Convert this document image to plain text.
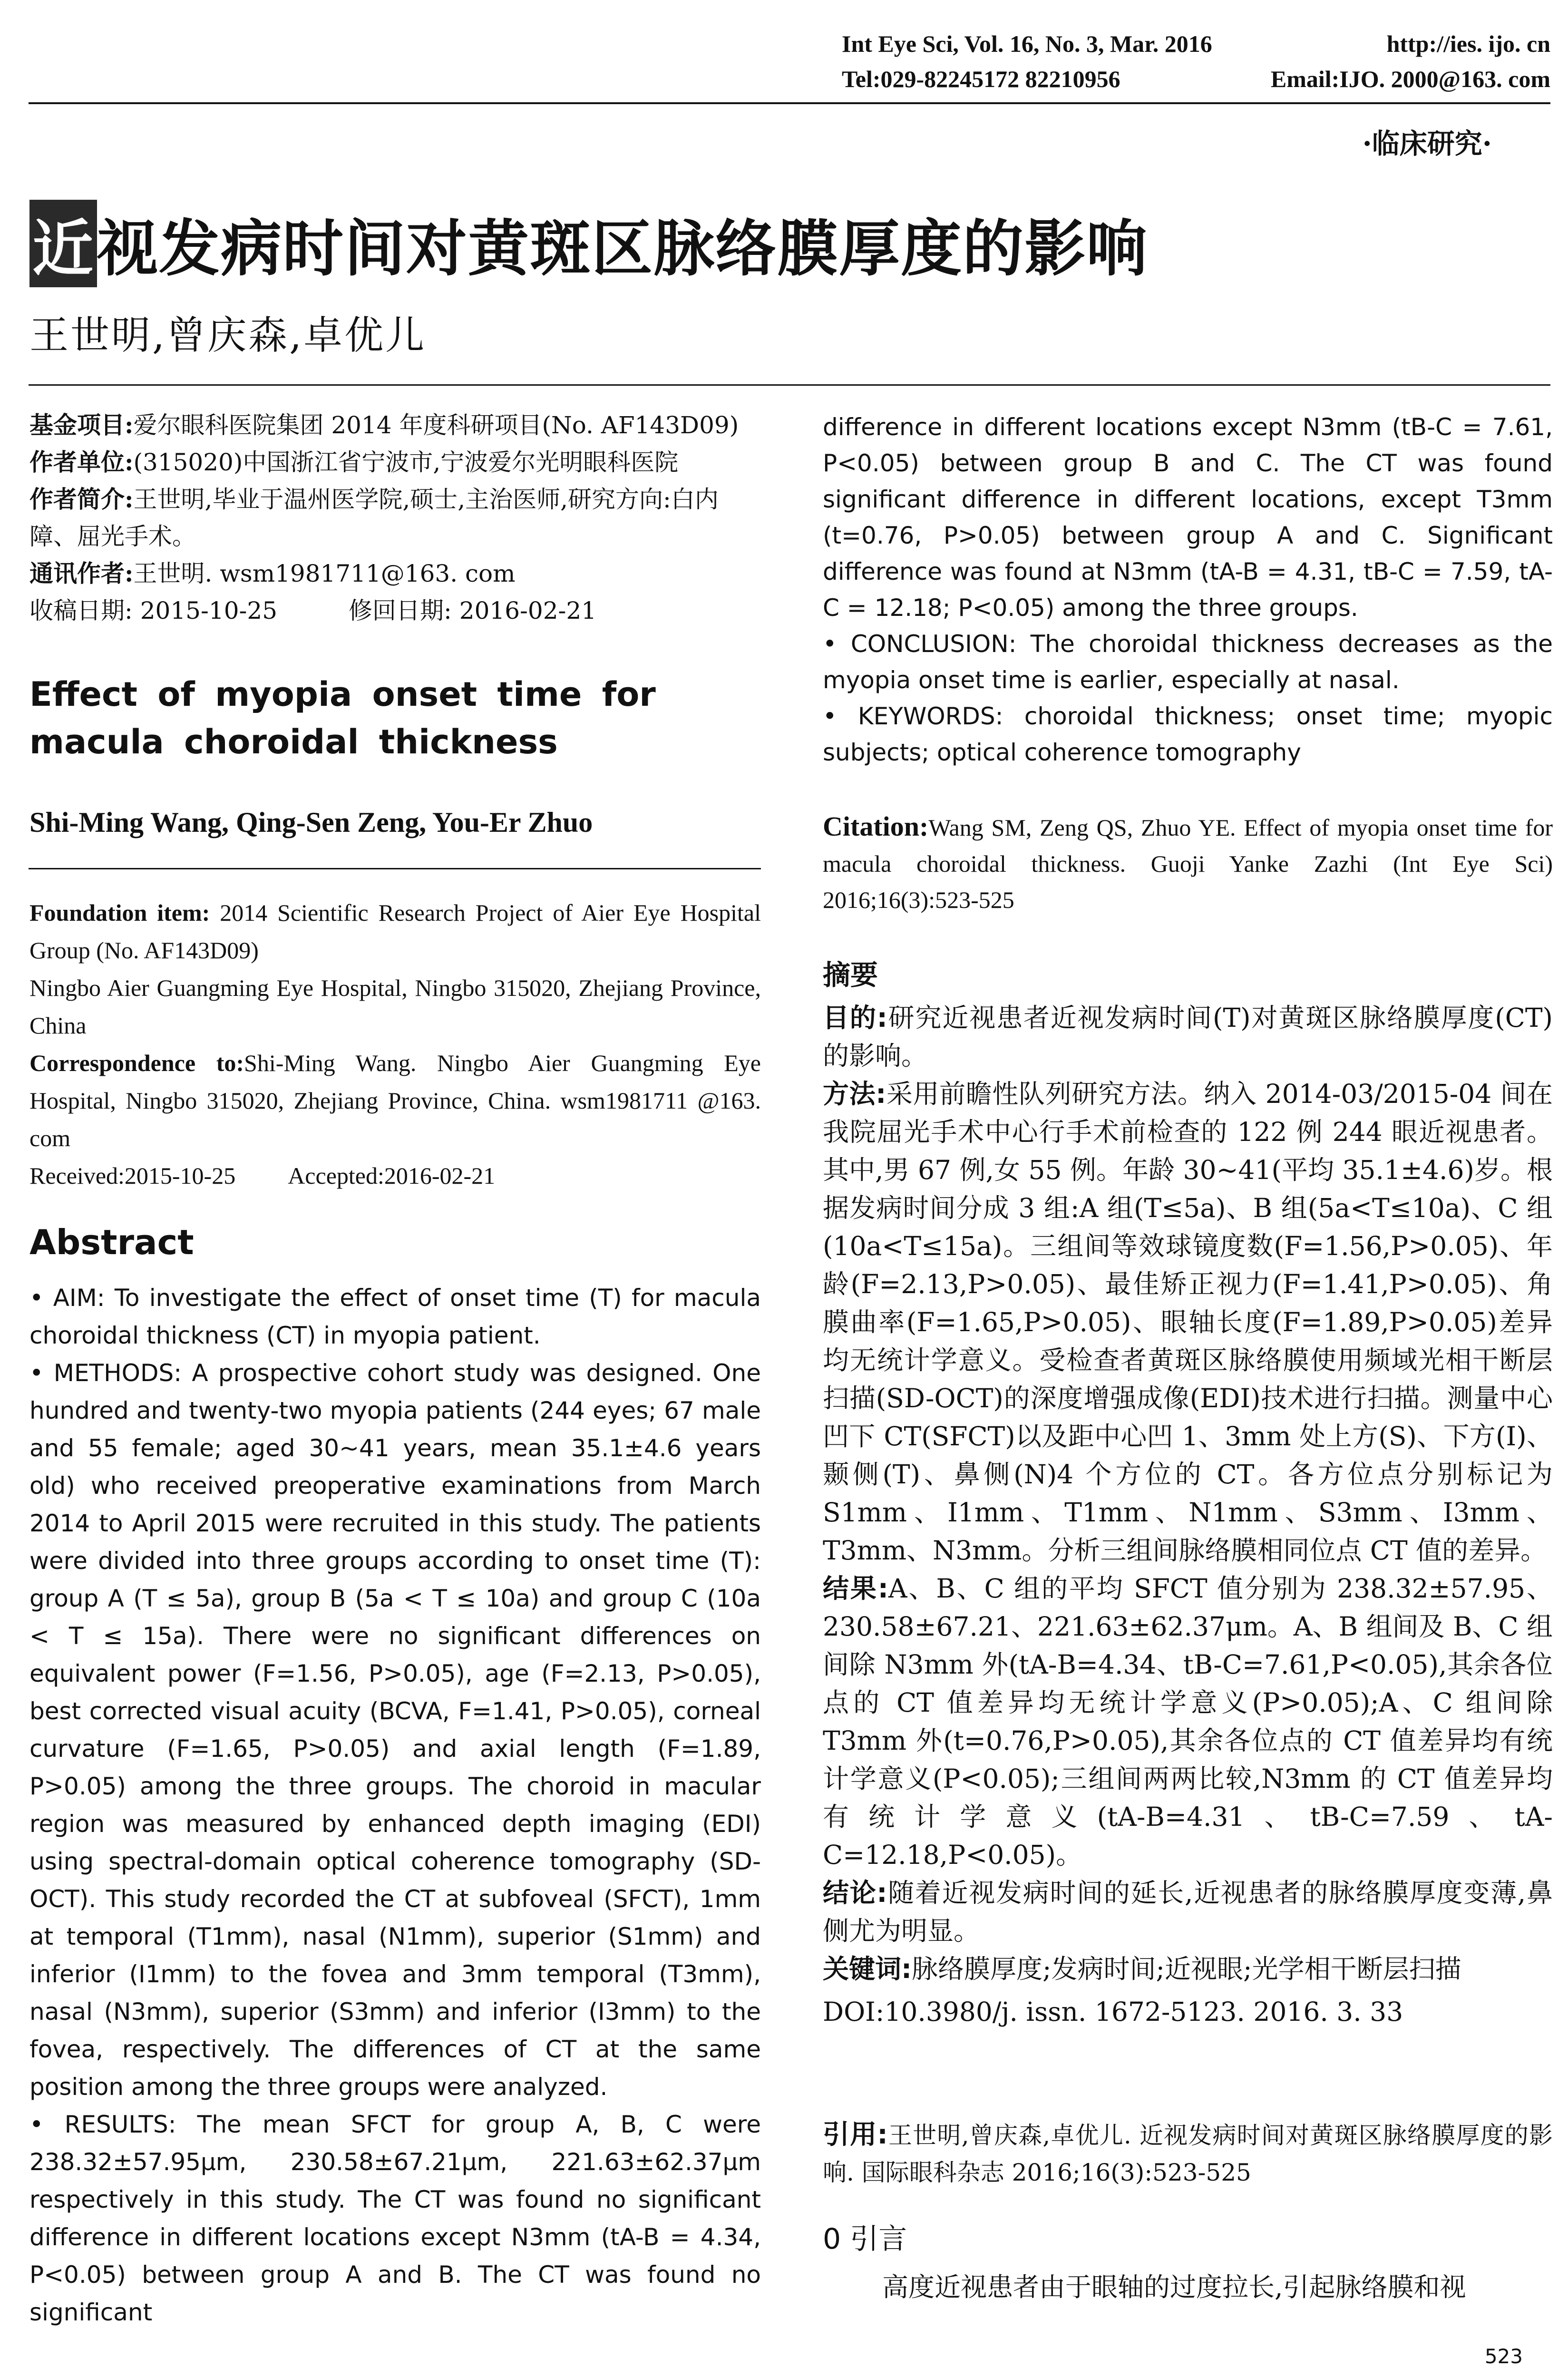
Int Eye Sci, Vol. 16, No. 3, Mar. 2016	http://ies. ijo. cn
Tel:029-82245172 82210956	Email:IJO. 2000@163. com
·临床研究·
近视发病时间对黄斑区脉络膜厚度的影响
王世明,曾庆森,卓优儿
基金项目:爱尔眼科医院集团 2014 年度科研项目(No. AF143D09)
作者单位:(315020)中国浙江省宁波市,宁波爱尔光明眼科医院
作者简介:王世明,毕业于温州医学院,硕士,主治医师,研究方向:白内障、屈光手术。
通讯作者:王世明. wsm1981711@163. com
收稿日期: 2015-10-25	修回日期: 2016-02-21
Effect of myopia onset time for macula choroidal thickness
Shi-Ming Wang, Qing-Sen Zeng, You-Er Zhuo
Foundation item: 2014 Scientific Research Project of Aier Eye Hospital Group (No. AF143D09)
Ningbo Aier Guangming Eye Hospital, Ningbo 315020, Zhejiang Province, China
Correspondence to:Shi-Ming Wang. Ningbo Aier Guangming Eye Hospital, Ningbo 315020, Zhejiang Province, China. wsm1981711 @163. com
Received:2015-10-25 Accepted:2016-02-21
Abstract

• AIM: To investigate the effect of onset time (T) for macula choroidal thickness (CT) in myopia patient.

• METHODS: A prospective cohort study was designed. One hundred and twenty-two myopia patients (244 eyes; 67 male and 55 female; aged 30~41 years, mean 35.1±4.6 years old) who received preoperative examinations from March 2014 to April 2015 were recruited in this study. The patients were divided into three groups according to onset time (T): group A (T ≤ 5a), group B (5a < T ≤ 10a) and group C (10a < T ≤ 15a). There were no significant differences on equivalent power (F=1.56, P>0.05), age (F=2.13, P>0.05), best corrected visual acuity (BCVA, F=1.41, P>0.05), corneal curvature (F=1.65, P>0.05) and axial length (F=1.89, P>0.05) among the three groups. The choroid in macular region was measured by enhanced depth imaging (EDI) using spectral-domain optical coherence tomography (SD-OCT). This study recorded the CT at subfoveal (SFCT), 1mm at temporal (T1mm), nasal (N1mm), superior (S1mm) and inferior (I1mm) to the fovea and 3mm temporal (T3mm), nasal (N3mm), superior (S3mm) and inferior (I3mm) to the fovea, respectively. The differences of CT at the same position among the three groups were analyzed.

• RESULTS: The mean SFCT for group A, B, C were 238.32±57.95μm, 230.58±67.21μm, 221.63±62.37μm respectively in this study. The CT was found no significant difference in different locations except N3mm (tA-B = 4.34, P<0.05) between group A and B. The CT was found no significant

difference in different locations except N3mm (tB-C = 7.61, P<0.05) between group B and C. The CT was found significant difference in different locations, except T3mm (t=0.76, P>0.05) between group A and C. Significant difference was found at N3mm (tA-B = 4.31, tB-C = 7.59, tA-C = 12.18; P<0.05) among the three groups.

• CONCLUSION: The choroidal thickness decreases as the myopia onset time is earlier, especially at nasal.

• KEYWORDS: choroidal thickness; onset time; myopic subjects; optical coherence tomography

Citation:Wang SM, Zeng QS, Zhuo YE. Effect of myopia onset time for macula choroidal thickness. Guoji Yanke Zazhi (Int Eye Sci) 2016;16(3):523-525
摘要

目的:研究近视患者近视发病时间(T)对黄斑区脉络膜厚度(CT)的影响。

方法:采用前瞻性队列研究方法。纳入 2014-03/2015-04 间在我院屈光手术中心行手术前检查的 122 例 244 眼近视患者。其中,男 67 例,女 55 例。年龄 30~41(平均 35.1±4.6)岁。根据发病时间分成 3 组:A 组(T≤5a)、B 组(5a<T≤10a)、C 组(10a<T≤15a)。三组间等效球镜度数(F=1.56,P>0.05)、年龄(F=2.13,P>0.05)、最佳矫正视力(F=1.41,P>0.05)、角膜曲率(F=1.65,P>0.05)、眼轴长度(F=1.89,P>0.05)差异均无统计学意义。受检查者黄斑区脉络膜使用频域光相干断层扫描(SD-OCT)的深度增强成像(EDI)技术进行扫描。测量中心凹下 CT(SFCT)以及距中心凹 1、3mm 处上方(S)、下方(I)、颞侧(T)、鼻侧(N)4 个方位的 CT。各方位点分别标记为 S1mm、I1mm、T1mm、N1mm、S3mm、I3mm、T3mm、N3mm。分析三组间脉络膜相同位点 CT 值的差异。

结果:A、B、C 组的平均 SFCT 值分别为 238.32±57.95、230.58±67.21、221.63±62.37μm。A、B 组间及 B、C 组间除 N3mm 外(tA-B=4.34、tB-C=7.61,P<0.05),其余各位点的 CT 值差异均无统计学意义(P>0.05);A、C 组间除 T3mm 外(t=0.76,P>0.05),其余各位点的 CT 值差异均有统计学意义(P<0.05);三组间两两比较,N3mm 的 CT 值差异均有统计学意义(tA-B=4.31、tB-C=7.59、tA-C=12.18,P<0.05)。

结论:随着近视发病时间的延长,近视患者的脉络膜厚度变薄,鼻侧尤为明显。

关键词:脉络膜厚度;发病时间;近视眼;光学相干断层扫描

DOI:10.3980/j. issn. 1672-5123. 2016. 3. 33

引用:王世明,曾庆森,卓优儿. 近视发病时间对黄斑区脉络膜厚度的影响. 国际眼科杂志 2016;16(3):523-525
0 引言
高度近视患者由于眼轴的过度拉长,引起脉络膜和视
523
